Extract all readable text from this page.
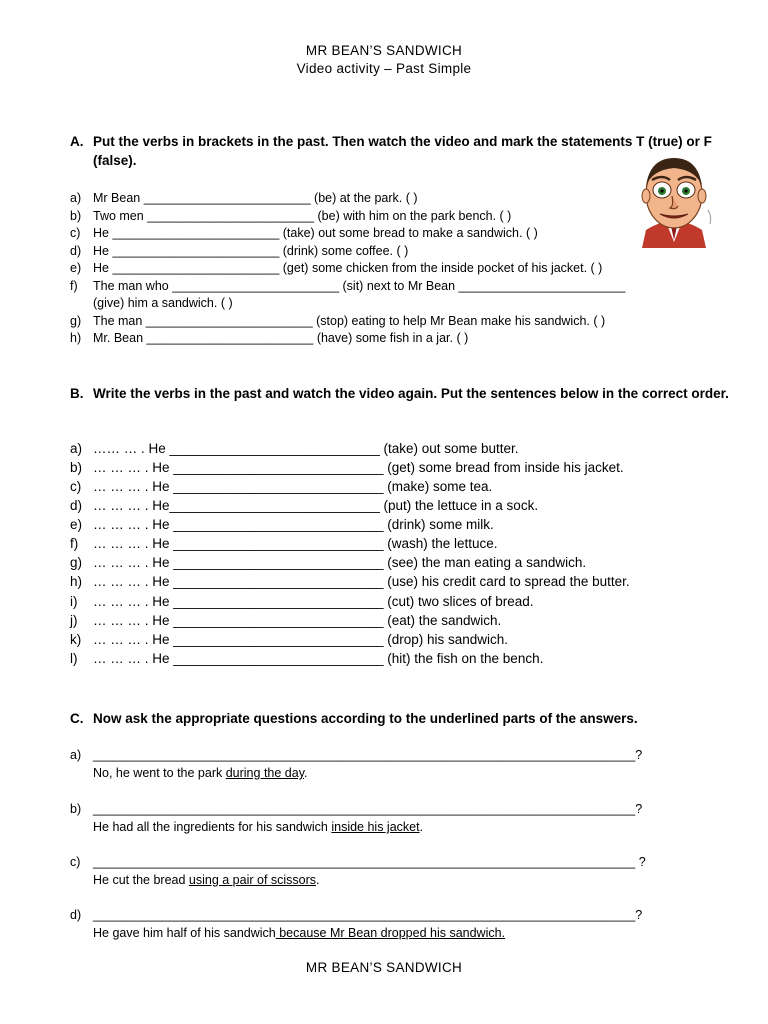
MR BEAN’S SANDWICH
Video activity – Past Simple
A. Put the verbs in brackets in the past. Then watch the video and mark the statements T (true) or F (false).
a) Mr Bean ________________________ (be) at the park. ( )
b) Two men ________________________ (be) with him on the park bench. ( )
c) He ________________________ (take) out some bread to make a sandwich. ( )
d) He ________________________ (drink) some coffee. ( )
e) He ________________________ (get) some chicken from the inside pocket of his jacket. ( )
f) The man who ________________________ (sit) next to Mr Bean ________________________
(give) him a sandwich. ( )
g) The man ________________________ (stop) eating to help Mr Bean make his sandwich. ( )
h) Mr. Bean ________________________ (have) some fish in a jar. ( )
B. Write the verbs in the past and watch the video again. Put the sentences below in the correct order.
a) …… … . He ____________________________ (take) out some butter.
b) … … … . He ____________________________ (get) some bread from inside his jacket.
c) … … … . He ____________________________ (make) some tea.
d) … … … . He____________________________ (put) the lettuce in a sock.
e) … … … . He ____________________________ (drink) some milk.
f) … … … . He ____________________________ (wash) the lettuce.
g) … … … . He ____________________________ (see) the man eating a sandwich.
h) … … … . He ____________________________ (use) his credit card to spread the butter.
i) … … … . He ____________________________ (cut) two slices of bread.
j) … … … . He ____________________________ (eat) the sandwich.
k) … … … . He ____________________________ (drop) his sandwich.
l) … … … . He ____________________________ (hit) the fish on the bench.
C. Now ask the appropriate questions according to the underlined parts of the answers.
a) ______________________________________________________________________________?
No, he went to the park during the day.
b) ______________________________________________________________________________?
He had all the ingredients for his sandwich inside his jacket.
c) ______________________________________________________________________________ ?
He cut the bread using a pair of scissors.
d) ______________________________________________________________________________?
He gave him half of his sandwich because Mr Bean dropped his sandwich.
MR BEAN’S SANDWICH
